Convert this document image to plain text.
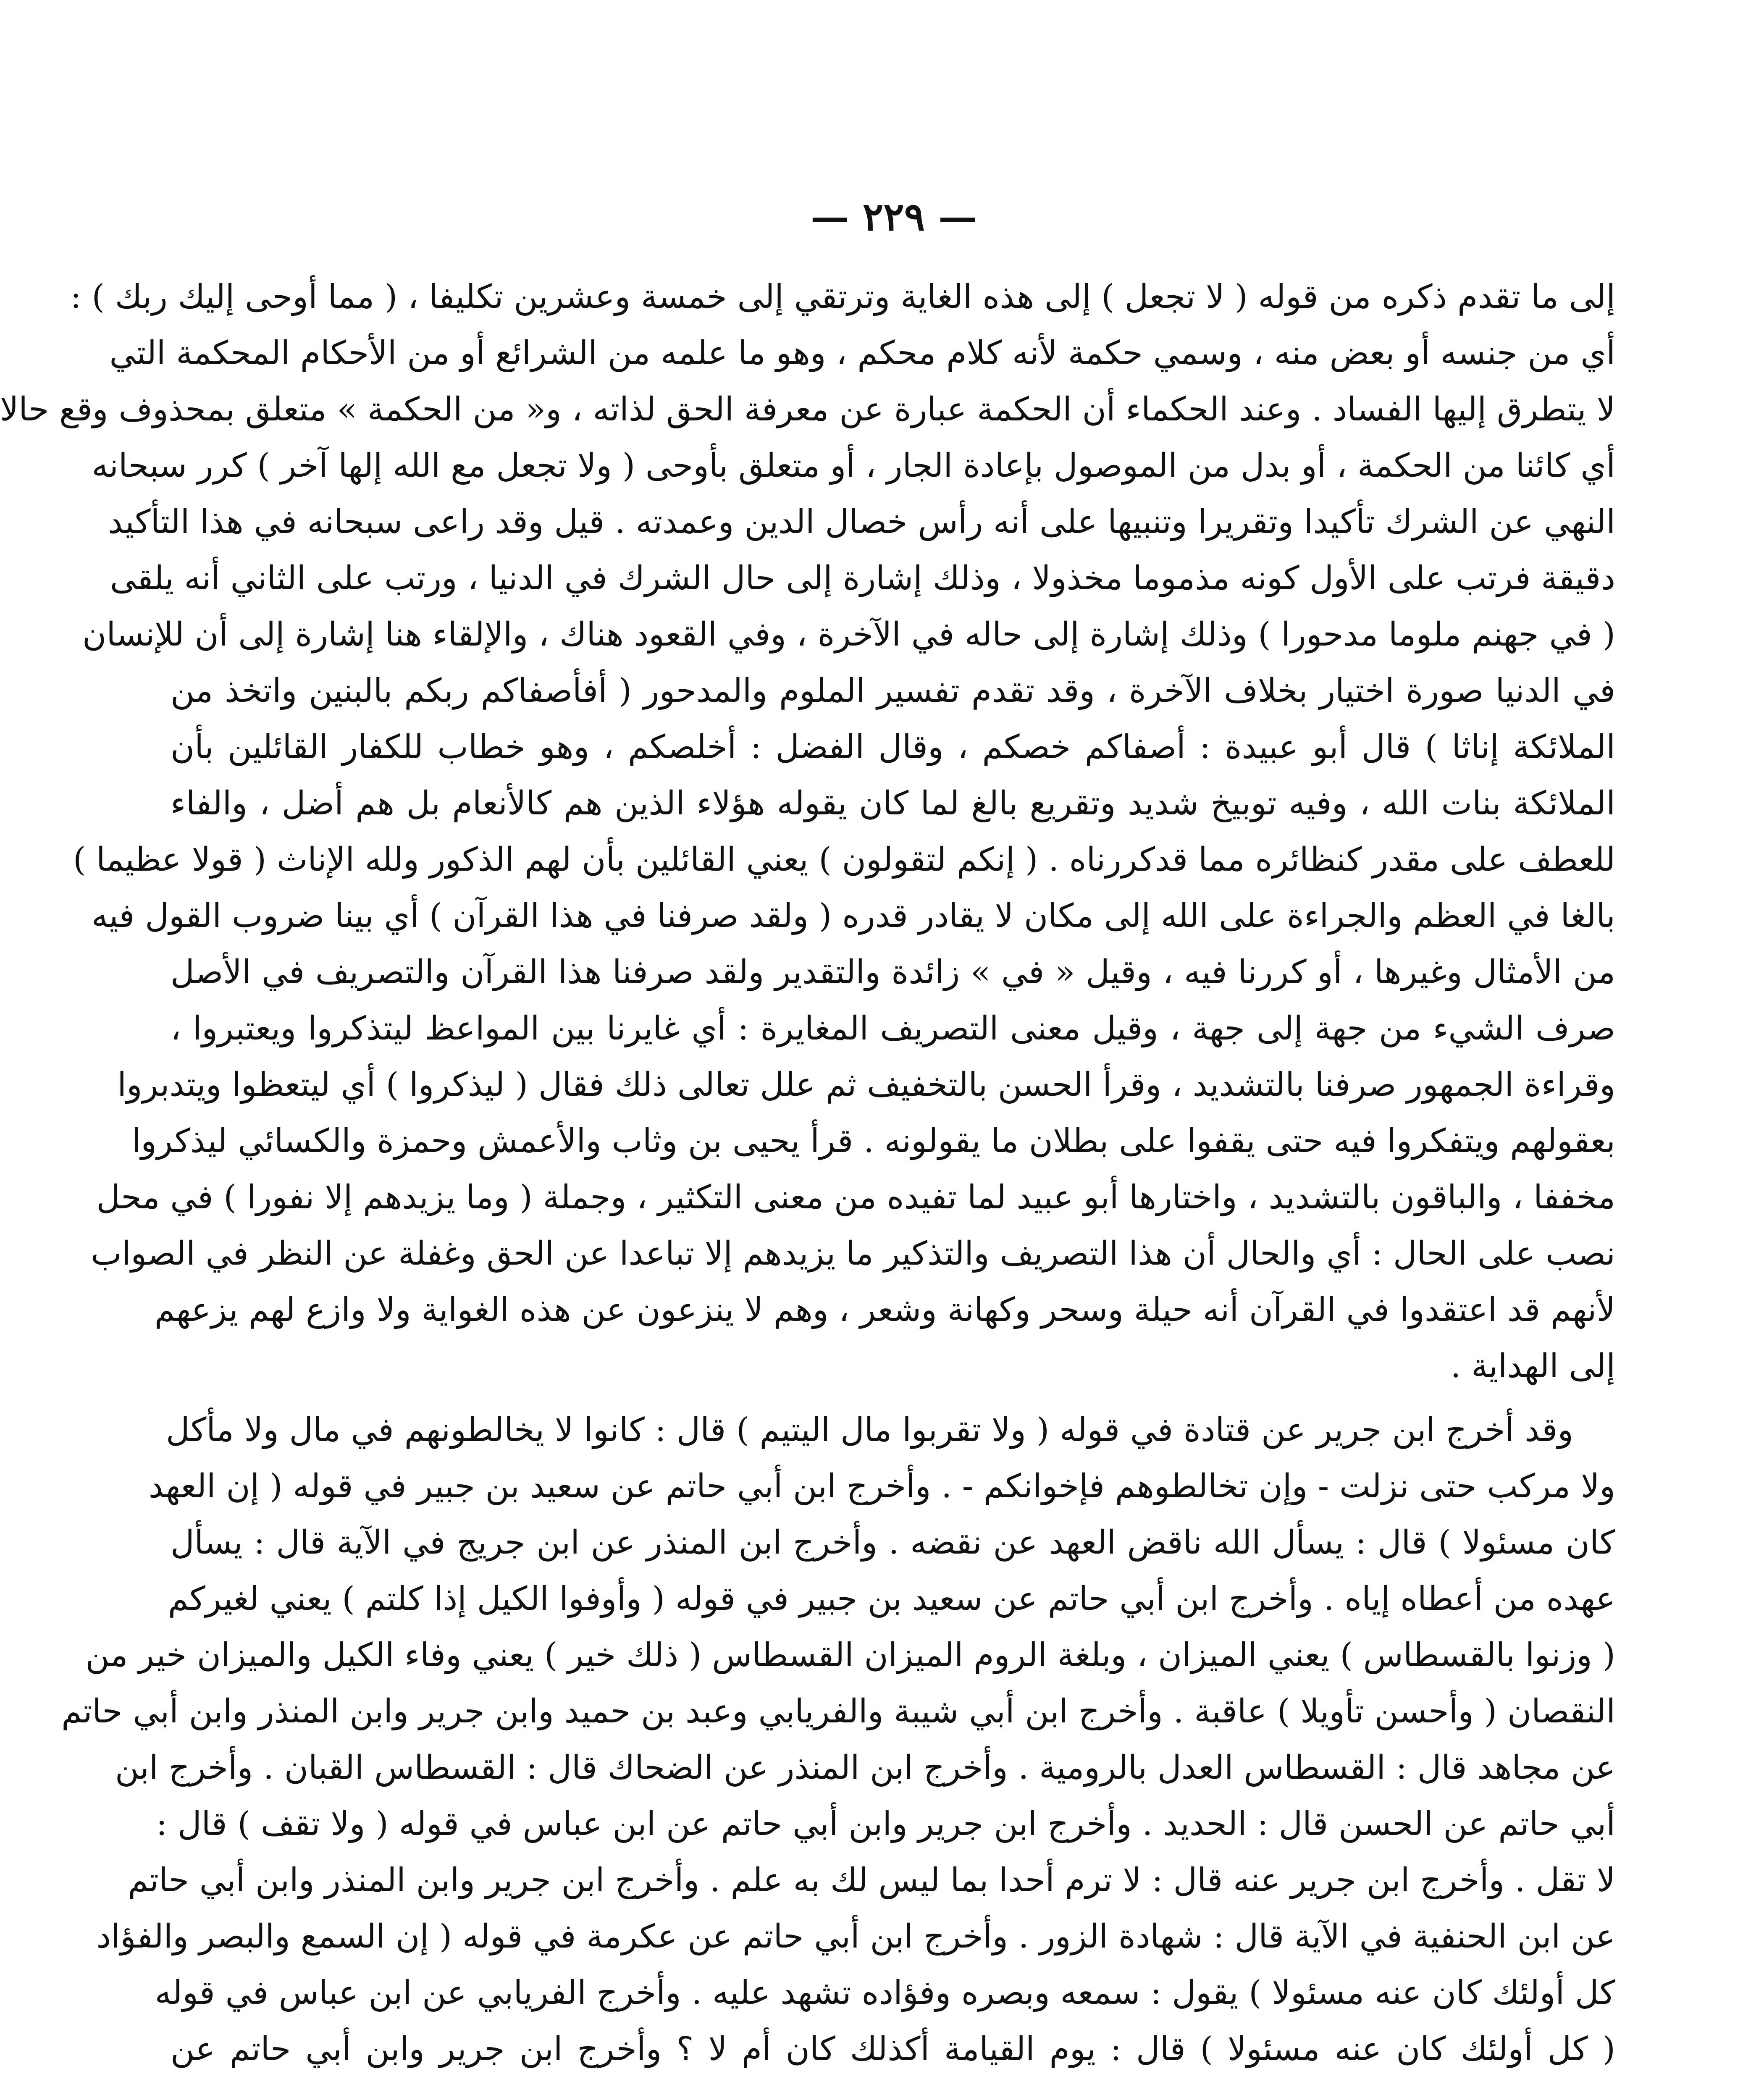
— ٢٢٩ —
إلى ما تقدم ذكره من قوله ( لا تجعل ) إلى هذه الغاية وترتقي إلى خمسة وعشرين تكليفا ، ( مما أوحى إليك ربك ) :
أي من جنسه أو بعض منه ، وسمي حكمة لأنه كلام محكم ، وهو ما علمه من الشرائع أو من الأحكام المحكمة التي
لا يتطرق إليها الفساد . وعند الحكماء أن الحكمة عبارة عن معرفة الحق لذاته ، و« من الحكمة » متعلق بمحذوف وقع حالا
أي كائنا من الحكمة ، أو بدل من الموصول بإعادة الجار ، أو متعلق بأوحى ( ولا تجعل مع الله إلها آخر ) كرر سبحانه
النهي عن الشرك تأكيدا وتقريرا وتنبيها على أنه رأس خصال الدين وعمدته . قيل وقد راعى سبحانه في هذا التأكيد
دقيقة فرتب على الأول كونه مذموما مخذولا ، وذلك إشارة إلى حال الشرك في الدنيا ، ورتب على الثاني أنه يلقى
( في جهنم ملوما مدحورا ) وذلك إشارة إلى حاله في الآخرة ، وفي القعود هناك ، والإلقاء هنا إشارة إلى أن للإنسان
في الدنيا صورة اختيار بخلاف الآخرة ، وقد تقدم تفسير الملوم والمدحور ( أفأصفاكم ربكم بالبنين واتخذ من
الملائكة إناثا ) قال أبو عبيدة : أصفاكم خصكم ، وقال الفضل : أخلصكم ، وهو خطاب للكفار القائلين بأن
الملائكة بنات الله ، وفيه توبيخ شديد وتقريع بالغ لما كان يقوله هؤلاء الذين هم كالأنعام بل هم أضل ، والفاء
للعطف على مقدر كنظائره مما قدكررناه . ( إنكم لتقولون ) يعني القائلين بأن لهم الذكور ولله الإناث ( قولا عظيما )
بالغا في العظم والجراءة على الله إلى مكان لا يقادر قدره ( ولقد صرفنا في هذا القرآن ) أي بينا ضروب القول فيه
من الأمثال وغيرها ، أو كررنا فيه ، وقيل « في » زائدة والتقدير ولقد صرفنا هذا القرآن والتصريف في الأصل
صرف الشيء من جهة إلى جهة ، وقيل معنى التصريف المغايرة : أي غايرنا بين المواعظ ليتذكروا ويعتبروا ،
وقراءة الجمهور صرفنا بالتشديد ، وقرأ الحسن بالتخفيف ثم علل تعالى ذلك فقال ( ليذكروا ) أي ليتعظوا ويتدبروا
بعقولهم ويتفكروا فيه حتى يقفوا على بطلان ما يقولونه . قرأ يحيى بن وثاب والأعمش وحمزة والكسائي ليذكروا
مخففا ، والباقون بالتشديد ، واختارها أبو عبيد لما تفيده من معنى التكثير ، وجملة ( وما يزيدهم إلا نفورا ) في محل
نصب على الحال : أي والحال أن هذا التصريف والتذكير ما يزيدهم إلا تباعدا عن الحق وغفلة عن النظر في الصواب
لأنهم قد اعتقدوا في القرآن أنه حيلة وسحر وكهانة وشعر ، وهم لا ينزعون عن هذه الغواية ولا وازع لهم يزعهم
إلى الهداية .
وقد أخرج ابن جرير عن قتادة في قوله ( ولا تقربوا مال اليتيم ) قال : كانوا لا يخالطونهم في مال ولا مأكل
ولا مركب حتى نزلت - وإن تخالطوهم فإخوانكم - . وأخرج ابن أبي حاتم عن سعيد بن جبير في قوله ( إن العهد
كان مسئولا ) قال : يسأل الله ناقض العهد عن نقضه . وأخرج ابن المنذر عن ابن جريج في الآية قال : يسأل
عهده من أعطاه إياه . وأخرج ابن أبي حاتم عن سعيد بن جبير في قوله ( وأوفوا الكيل إذا كلتم ) يعني لغيركم
( وزنوا بالقسطاس ) يعني الميزان ، وبلغة الروم الميزان القسطاس ( ذلك خير ) يعني وفاء الكيل والميزان خير من
النقصان ( وأحسن تأويلا ) عاقبة . وأخرج ابن أبي شيبة والفريابي وعبد بن حميد وابن جرير وابن المنذر وابن أبي حاتم
عن مجاهد قال : القسطاس العدل بالرومية . وأخرج ابن المنذر عن الضحاك قال : القسطاس القبان . وأخرج ابن
أبي حاتم عن الحسن قال : الحديد . وأخرج ابن جرير وابن أبي حاتم عن ابن عباس في قوله ( ولا تقف ) قال :
لا تقل . وأخرج ابن جرير عنه قال : لا ترم أحدا بما ليس لك به علم . وأخرج ابن جرير وابن المنذر وابن أبي حاتم
عن ابن الحنفية في الآية قال : شهادة الزور . وأخرج ابن أبي حاتم عن عكرمة في قوله ( إن السمع والبصر والفؤاد
كل أولئك كان عنه مسئولا ) يقول : سمعه وبصره وفؤاده تشهد عليه . وأخرج الفريابي عن ابن عباس في قوله
( كل أولئك كان عنه مسئولا ) قال : يوم القيامة أكذلك كان أم لا ؟ وأخرج ابن جرير وابن أبي حاتم عن
